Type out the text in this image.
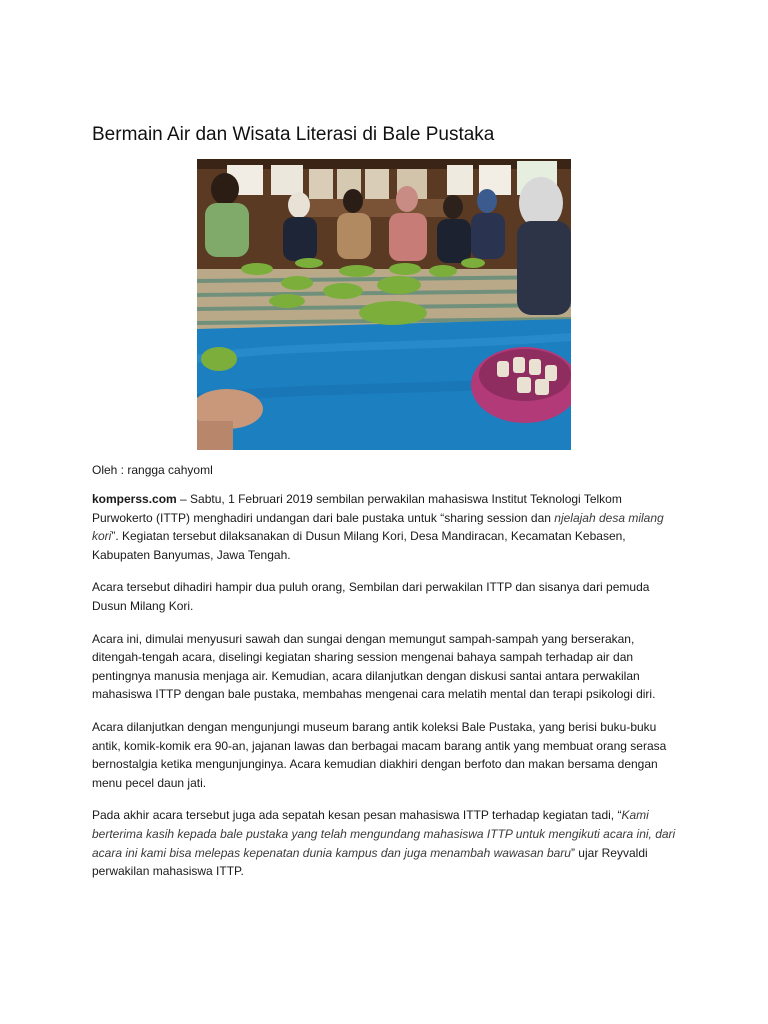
Bermain Air dan Wisata Literasi di Bale Pustaka

Oleh : rangga cahyoml

komperss.com – Sabtu, 1 Februari 2019 sembilan perwakilan mahasiswa Institut Teknologi Telkom Purwokerto (ITTP) menghadiri undangan dari bale pustaka untuk “sharing session dan njelajah desa milang kori”. Kegiatan tersebut dilaksanakan di Dusun Milang Kori, Desa Mandiracan, Kecamatan Kebasen, Kabupaten Banyumas, Jawa Tengah.

Acara tersebut dihadiri hampir dua puluh orang, Sembilan dari perwakilan ITTP dan sisanya dari pemuda Dusun Milang Kori.

Acara ini, dimulai menyusuri sawah dan sungai dengan memungut sampah-sampah yang berserakan, ditengah-tengah acara, diselingi kegiatan sharing session mengenai bahaya sampah terhadap air dan pentingnya manusia menjaga air. Kemudian, acara dilanjutkan dengan diskusi santai antara perwakilan mahasiswa ITTP dengan bale pustaka, membahas mengenai cara melatih mental dan terapi psikologi diri.

Acara dilanjutkan dengan mengunjungi museum barang antik koleksi Bale Pustaka, yang berisi buku-buku antik, komik-komik era 90-an, jajanan lawas dan berbagai macam barang antik yang membuat orang serasa bernostalgia ketika mengunjunginya. Acara kemudian diakhiri dengan berfoto dan makan bersama dengan menu pecel daun jati.

Pada akhir acara tersebut juga ada sepatah kesan pesan mahasiswa ITTP terhadap kegiatan tadi, “Kami berterima kasih kepada bale pustaka yang telah mengundang mahasiswa ITTP untuk mengikuti acara ini, dari acara ini kami bisa melepas kepenatan dunia kampus dan juga menambah wawasan baru” ujar Reyvaldi perwakilan mahasiswa ITTP.
